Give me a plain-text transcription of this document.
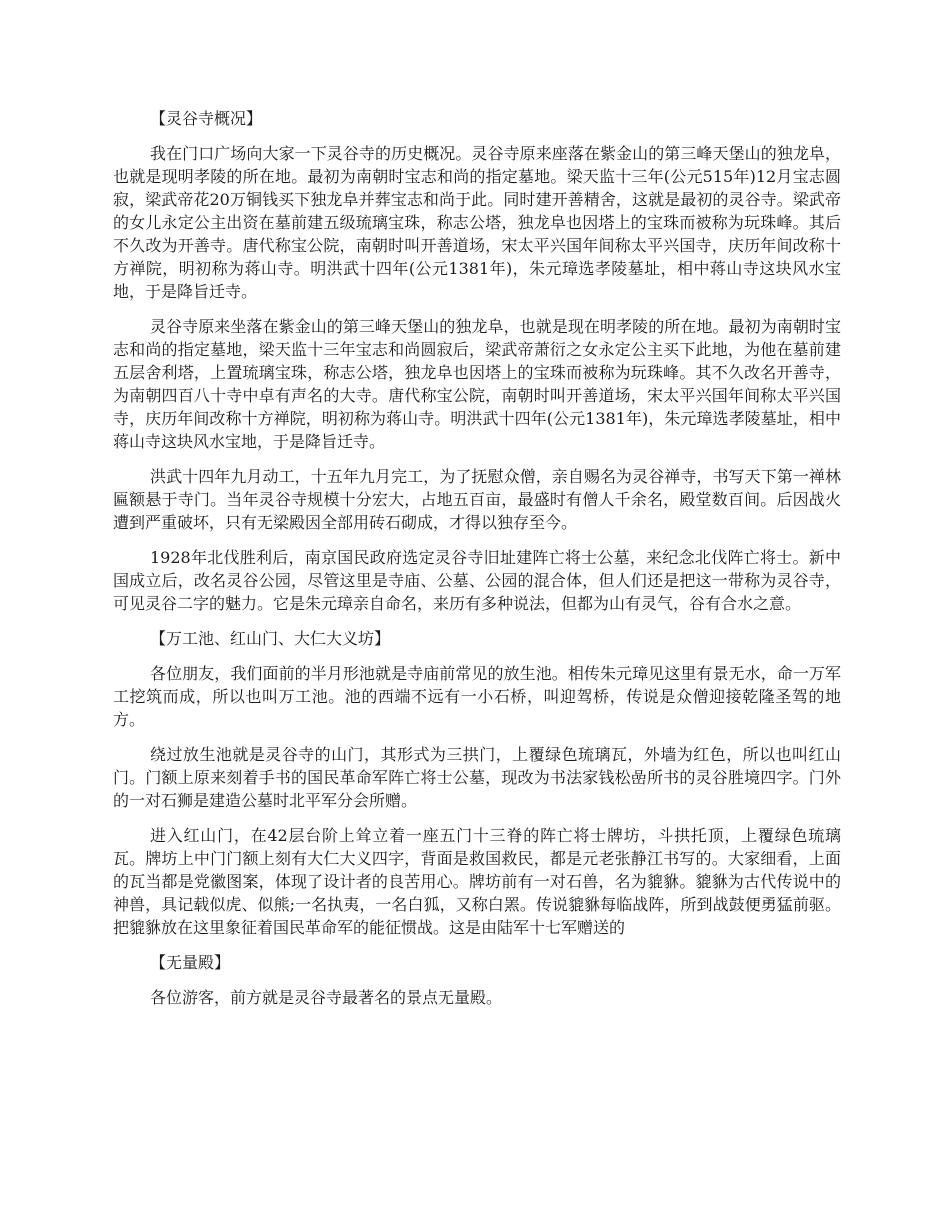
【灵谷寺概况】
我在门口广场向大家一下灵谷寺的历史概况。灵谷寺原来座落在紫金山的第三峰天堡山的独龙阜，也就是现明孝陵的所在地。最初为南朝时宝志和尚的指定墓地。梁天监十三年(公元515年)12月宝志圆寂，梁武帝花20万铜钱买下独龙阜并葬宝志和尚于此。同时建开善精舍，这就是最初的灵谷寺。梁武帝的女儿永定公主出资在墓前建五级琉璃宝珠，称志公塔，独龙阜也因塔上的宝珠而被称为玩珠峰。其后不久改为开善寺。唐代称宝公院，南朝时叫开善道场，宋太平兴国年间称太平兴国寺，庆历年间改称十方禅院，明初称为蒋山寺。明洪武十四年(公元1381年)，朱元璋选孝陵墓址，相中蒋山寺这块风水宝地，于是降旨迁寺。
灵谷寺原来坐落在紫金山的第三峰天堡山的独龙阜，也就是现在明孝陵的所在地。最初为南朝时宝志和尚的指定墓地，梁天监十三年宝志和尚圆寂后，梁武帝萧衍之女永定公主买下此地，为他在墓前建五层舍利塔，上置琉璃宝珠，称志公塔，独龙阜也因塔上的宝珠而被称为玩珠峰。其不久改名开善寺，为南朝四百八十寺中卓有声名的大寺。唐代称宝公院，南朝时叫开善道场，宋太平兴国年间称太平兴国寺，庆历年间改称十方禅院，明初称为蒋山寺。明洪武十四年(公元1381年)，朱元璋选孝陵墓址，相中蒋山寺这块风水宝地，于是降旨迁寺。
洪武十四年九月动工，十五年九月完工，为了抚慰众僧，亲自赐名为灵谷禅寺，书写天下第一禅林匾额悬于寺门。当年灵谷寺规模十分宏大，占地五百亩，最盛时有僧人千余名，殿堂数百间。后因战火遭到严重破坏，只有无梁殿因全部用砖石砌成，才得以独存至今。
1928年北伐胜利后，南京国民政府选定灵谷寺旧址建阵亡将士公墓，来纪念北伐阵亡将士。新中国成立后，改名灵谷公园，尽管这里是寺庙、公墓、公园的混合体，但人们还是把这一带称为灵谷寺，可见灵谷二字的魅力。它是朱元璋亲自命名，来历有多种说法，但都为山有灵气，谷有合水之意。
【万工池、红山门、大仁大义坊】
各位朋友，我们面前的半月形池就是寺庙前常见的放生池。相传朱元璋见这里有景无水，命一万军工挖筑而成，所以也叫万工池。池的西端不远有一小石桥，叫迎驾桥，传说是众僧迎接乾隆圣驾的地方。
绕过放生池就是灵谷寺的山门，其形式为三拱门，上覆绿色琉璃瓦，外墙为红色，所以也叫红山门。门额上原来刻着手书的国民革命军阵亡将士公墓，现改为书法家钱松嵒所书的灵谷胜境四字。门外的一对石狮是建造公墓时北平军分会所赠。
进入红山门，在42层台阶上耸立着一座五门十三脊的阵亡将士牌坊，斗拱托顶，上覆绿色琉璃瓦。牌坊上中门门额上刻有大仁大义四字，背面是救国救民，都是元老张静江书写的。大家细看，上面的瓦当都是党徽图案，体现了设计者的良苦用心。牌坊前有一对石兽，名为貔貅。貔貅为古代传说中的神兽，具记载似虎、似熊;一名执夷，一名白狐，又称白罴。传说貔貅每临战阵，所到战鼓便勇猛前驱。把貔貅放在这里象征着国民革命军的能征惯战。这是由陆军十七军赠送的
【无量殿】
各位游客，前方就是灵谷寺最著名的景点无量殿。
